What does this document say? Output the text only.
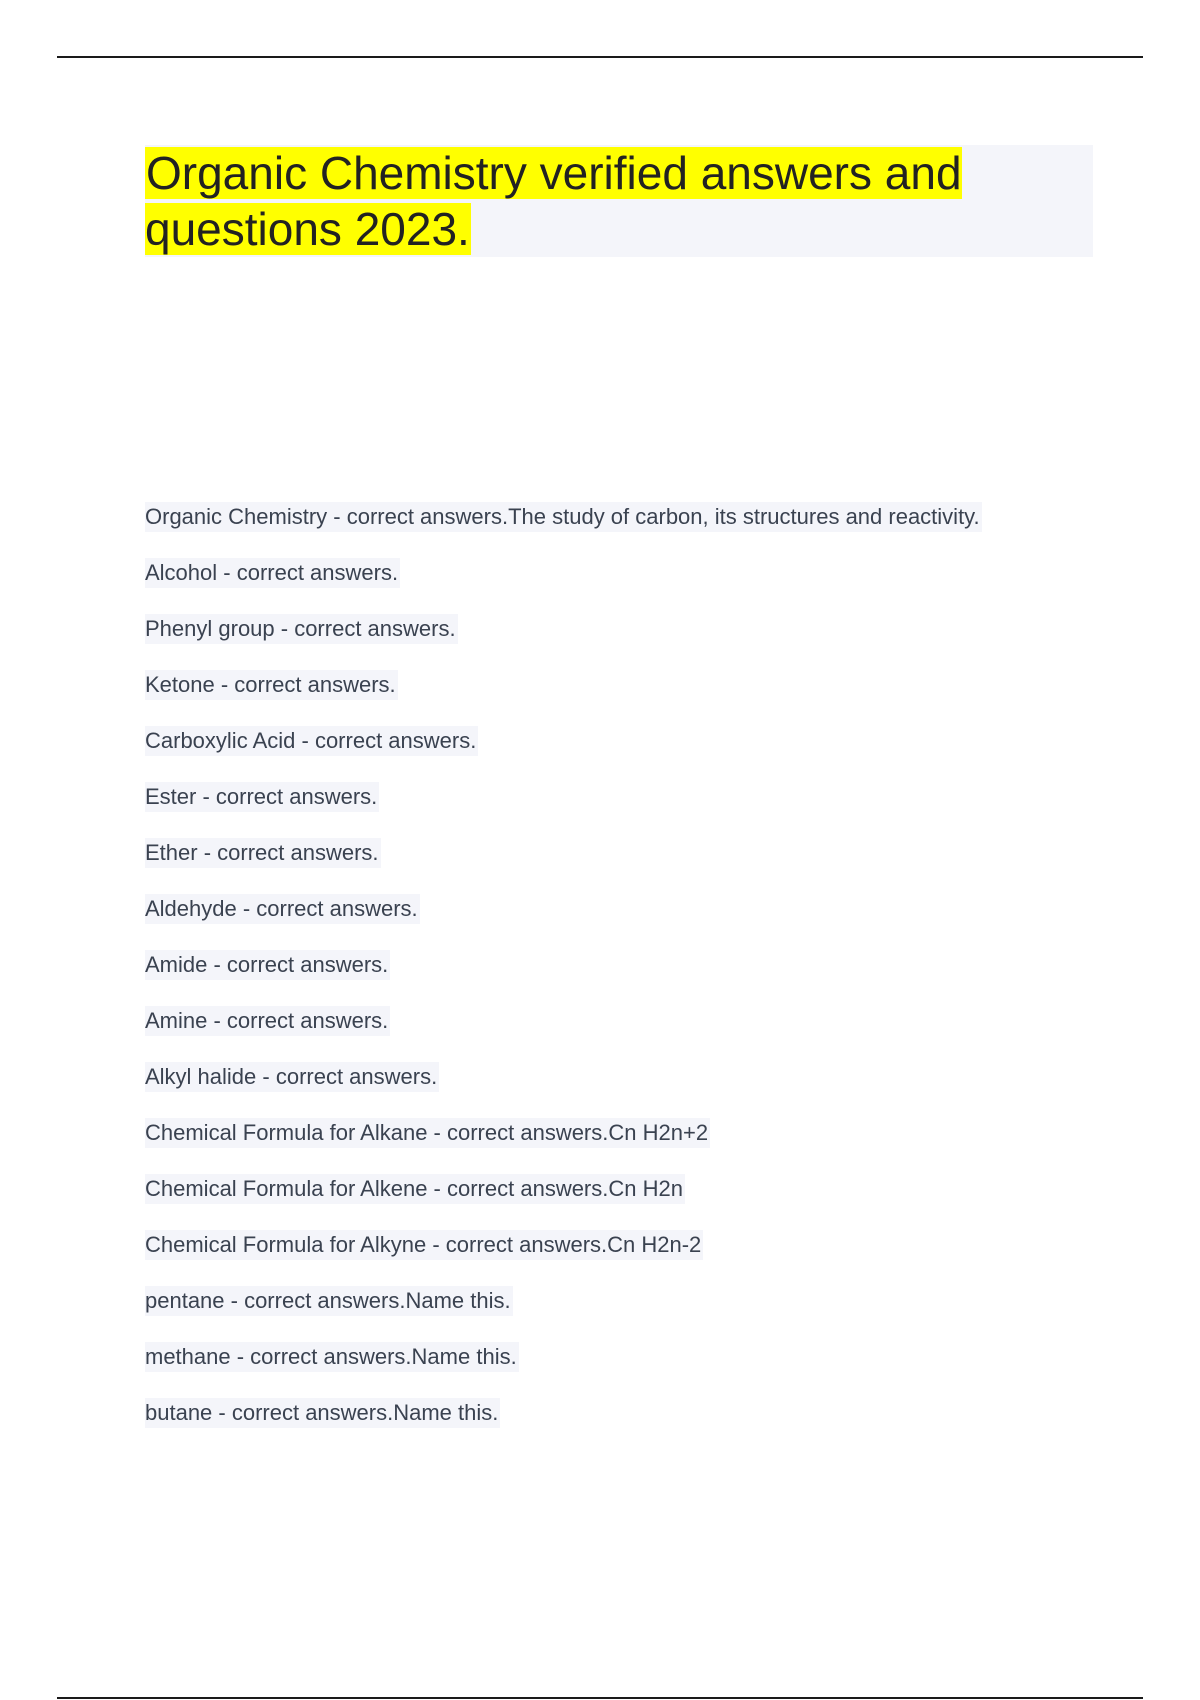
Organic Chemistry verified answers and questions 2023.
Organic Chemistry - correct answers.The study of carbon, its structures and reactivity.
Alcohol - correct answers.
Phenyl group - correct answers.
Ketone - correct answers.
Carboxylic Acid - correct answers.
Ester - correct answers.
Ether - correct answers.
Aldehyde - correct answers.
Amide - correct answers.
Amine - correct answers.
Alkyl halide - correct answers.
Chemical Formula for Alkane - correct answers.Cn H2n+2
Chemical Formula for Alkene - correct answers.Cn H2n
Chemical Formula for Alkyne - correct answers.Cn H2n-2
pentane - correct answers.Name this.
methane - correct answers.Name this.
butane - correct answers.Name this.
